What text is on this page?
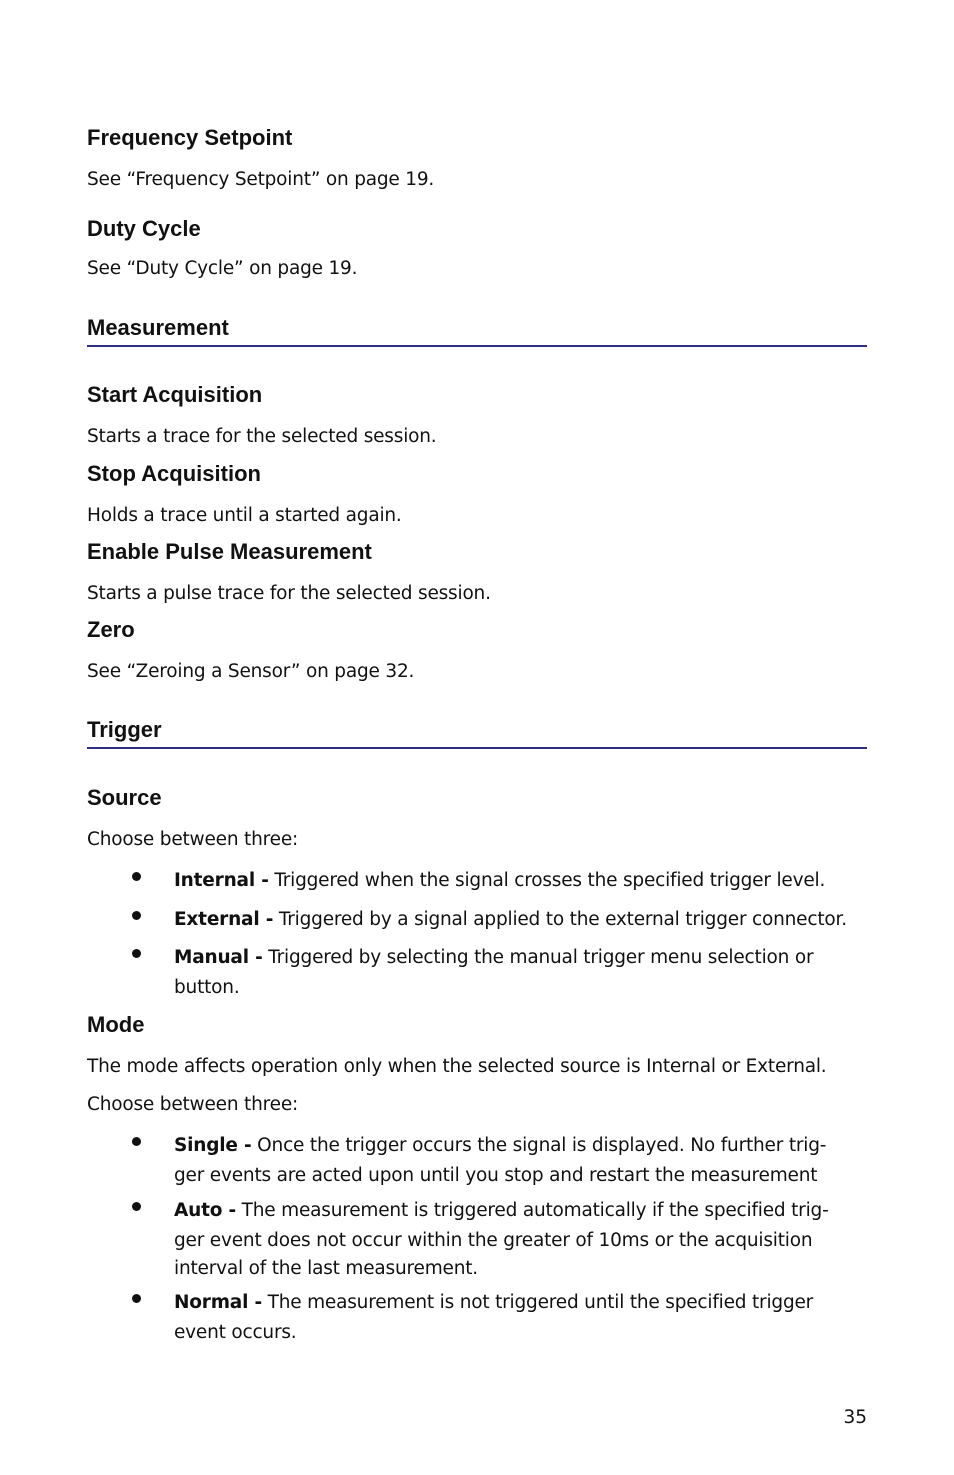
Frequency Setpoint
See “Frequency Setpoint” on page 19.
Duty Cycle
See “Duty Cycle” on page 19.
Measurement
Start Acquisition
Starts a trace for the selected session.
Stop Acquisition
Holds a trace until a started again.
Enable Pulse Measurement
Starts a pulse trace for the selected session.
Zero
See “Zeroing a Sensor” on page 32.
Trigger
Source
Choose between three:
Internal - Triggered when the signal crosses the specified trigger level.
External - Triggered by a signal applied to the external trigger connector.
Manual - Triggered by selecting the manual trigger menu selection or
button.
Mode
The mode affects operation only when the selected source is Internal or External.
Choose between three:
Single - Once the trigger occurs the signal is displayed. No further trig-
ger events are acted upon until you stop and restart the measurement
Auto - The measurement is triggered automatically if the specified trig-
ger event does not occur within the greater of 10ms or the acquisition
interval of the last measurement.
Normal - The measurement is not triggered until the specified trigger
event occurs.
35
